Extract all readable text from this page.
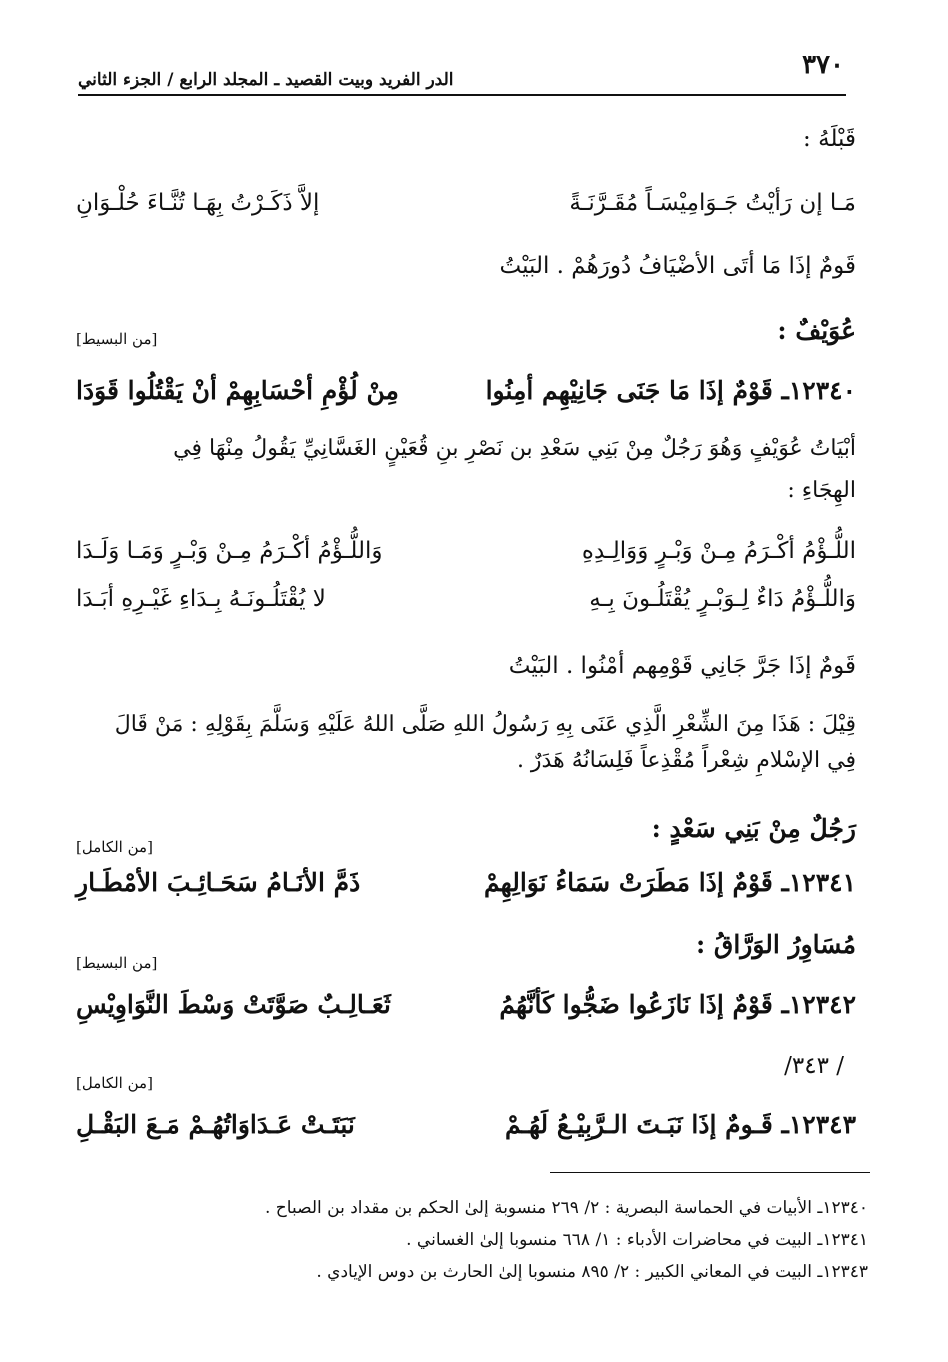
٣٧٠
الدر الفريد وبيت القصيد ـ المجلد الرابع / الجزء الثاني
قَبْلَهُ :
مَـا إن رَأيْتُ جَـوَامِيْسَـاً مُقَـرَّنَـةً
إلاَّ ذَكَـرْتُ بِهَـا تُنَّـاءَ حُلْـوَانِ
قَومٌ إذَا مَا أتَى الأضْيَافُ دُورَهُمْ . البَيْتُ
عُوَيْفٌ :
[من البسيط]
١٢٣٤٠ـ قَوْمٌ إذَا مَا جَنَى جَانِيْهِم أمِنُوا
مِنْ لُؤْمِ أحْسَابِهِمْ أنْ يَقْتُلُوا قَوَدَا
أبْيَاتُ عُوَيْفٍ وَهُوَ رَجُلٌ مِنْ بَنِي سَعْدِ بن نَصْرِ بنِ قُعَيْنٍ الغَسَّانِيِّ يَقُولُ مِنْهَا فِي
الهِجَاءِ :
اللُّـؤْمُ أكْـرَمُ مِـنْ وَبْـرٍ وَوَالِـدِهِ
وَاللُّـؤْمُ أكْـرَمُ مِـنْ وَبْـرٍ وَمَـا وَلَـدَا
وَاللُّـؤْمُ دَاءٌ لِـوَبْـرٍ يُقْتَلُـونَ بِـهِ
لا يُقْتَلُـونَـهُ بِـدَاءِ غَيْـرِهِ أبَـدَا
قَومٌ إذَا جَرَّ جَانِي قَوْمِهم أمْنُوا . البَيْتُ
قِيْلَ : هَذَا مِنَ الشِّعْرِ الَّذِي عَنَى بِهِ رَسُولُ اللهِ صَلَّى اللهُ عَلَيْهِ وَسَلَّمَ بِقَوْلِهِ : مَنْ قَالَ
فِي الإسْلامِ شِعْراً مُقْذِعاً فَلِسَانُهُ هَدَرٌ .
رَجُلٌ مِنْ بَنِي سَعْدٍ :
[من الكامل]
١٢٣٤١ـ قَوْمٌ إذَا مَطَرَتْ سَمَاءُ نَوَالِهِمْ
ذَمَّ الأنَـامُ سَحَـائِـبَ الأمْطَـارِ
مُسَاوِرُ الوَرَّاقُ :
[من البسيط]
١٢٣٤٢ـ قَوْمٌ إذَا نَازَعُوا ضَجُّوا كَأنَّهُمُ
ثَعَـالِـبٌ صَوَّتَتْ وَسْطَ النَّوَاوِيْسِ
/ ٣٤٣/
[من الكامل]
١٢٣٤٣ـ قَـومٌ إذَا نَبَـتَ الـرَّبِيْـعُ لَهُـمْ
نَبَتَـتْ عَـدَاوَاتُهُـمْ مَـعَ البَقْـلِ
١٢٣٤٠ـ الأبيات في الحماسة البصرية : ٢/ ٢٦٩ منسوبة إلىٰ الحكم بن مقداد بن الصباح .
١٢٣٤١ـ البيت في محاضرات الأدباء : ١/ ٦٦٨ منسوبا إلىٰ الغساني .
١٢٣٤٣ـ البيت في المعاني الكبير : ٢/ ٨٩٥ منسوبا إلىٰ الحارث بن دوس الإيادي .
